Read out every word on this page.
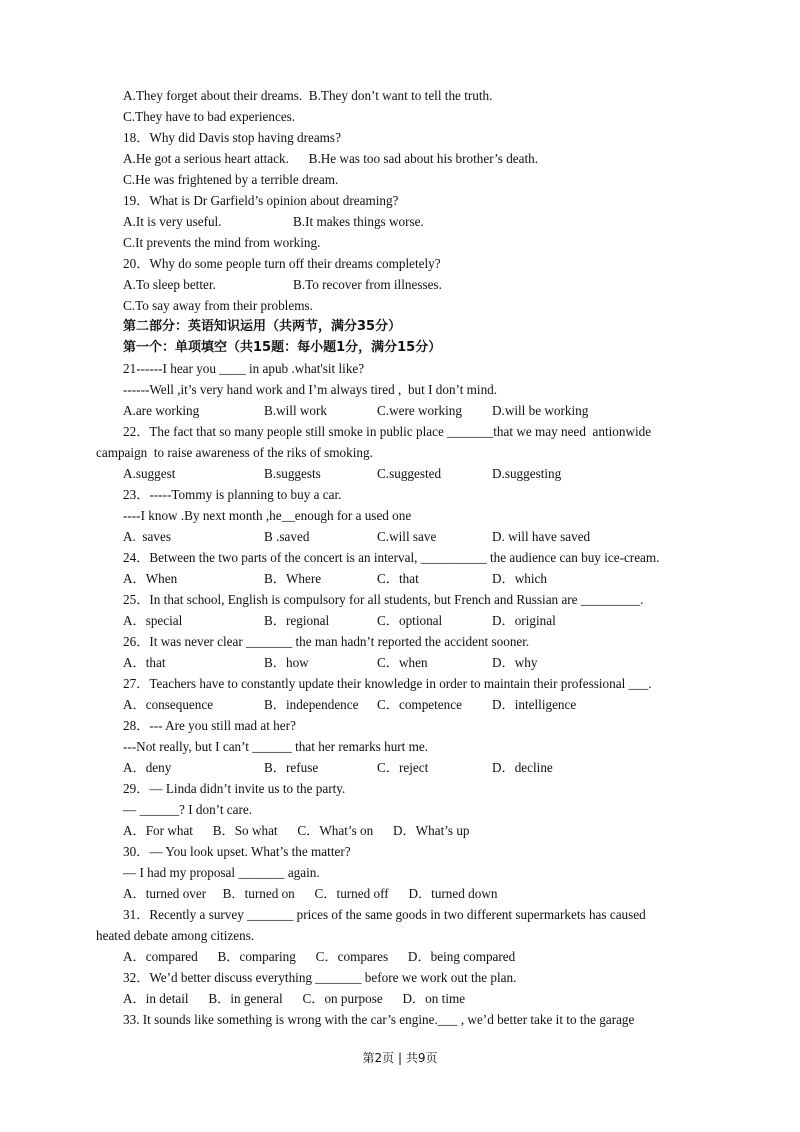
A.They forget about their dreams.  B.They don’t want to tell the truth.
C.They have to bad experiences.
18．Why did Davis stop having dreams?
A.He got a serious heart attack.      B.He was too sad about his brother’s death.
C.He was frightened by a terrible dream.
19．What is Dr Garfield’s opinion about dreaming?
A.It is very useful.	B.It makes things worse.
C.It prevents the mind from working.
20．Why do some people turn off their dreams completely?
A.To sleep better.	B.To recover from illnesses.
C.To say away from their problems.
第二部分：英语知识运用（共两节，满分35分）
第一个：单项填空（共15题：每小题1分，满分15分）
21------I hear you ____ in apub .what'sit like?
------Well ,it’s very hand work and I’m always tired ,  but I don’t mind.
A.are working	B.will work	C.were working D.will be working
22．The fact that so many people still smoke in public place _______that we may need  antionwide
campaign  to raise awareness of the riks of smoking.
A.suggest	B.suggests	C.suggested	D.suggesting
23．-----Tommy is planning to buy a car.
----I know .By next month ,he__enough for a used one
A.  saves	B .saved	C.will save	D. will have saved
24．Between the two parts of the concert is an interval, __________ the audience can buy ice-cream.
A．When	B．Where	C．that	D．which
25．In that school, English is compulsory for all students, but French and Russian are _________.
A．special	B．regional	C．optional	D．original
26．It was never clear _______ the man hadn’t reported the accident sooner.
A．that	B．how	C．when	D．why
27．Teachers have to constantly update their knowledge in order to maintain their professional ___.
A．consequence	B．independence C．competence D．intelligence
28．--- Are you still mad at her?
---Not really, but I can’t ______ that her remarks hurt me.
A．deny	B．refuse	C．reject	D．decline
29．— Linda didn’t invite us to the party.
— ______? I don’t care.
A．For what      B．So what      C．What’s on      D．What’s up
30．— You look upset. What’s the matter?
— I had my proposal _______ again.
A．turned over     B．turned on      C．turned off      D．turned down
31．Recently a survey _______ prices of the same goods in two different supermarkets has caused
heated debate among citizens.
A．compared      B．comparing      C．compares      D．being compared
32．We’d better discuss everything _______ before we work out the plan.
A．in detail      B．in general      C．on purpose      D．on time
33. It sounds like something is wrong with the car’s engine.___ , we’d better take it to the garage
第2页 | 共9页
